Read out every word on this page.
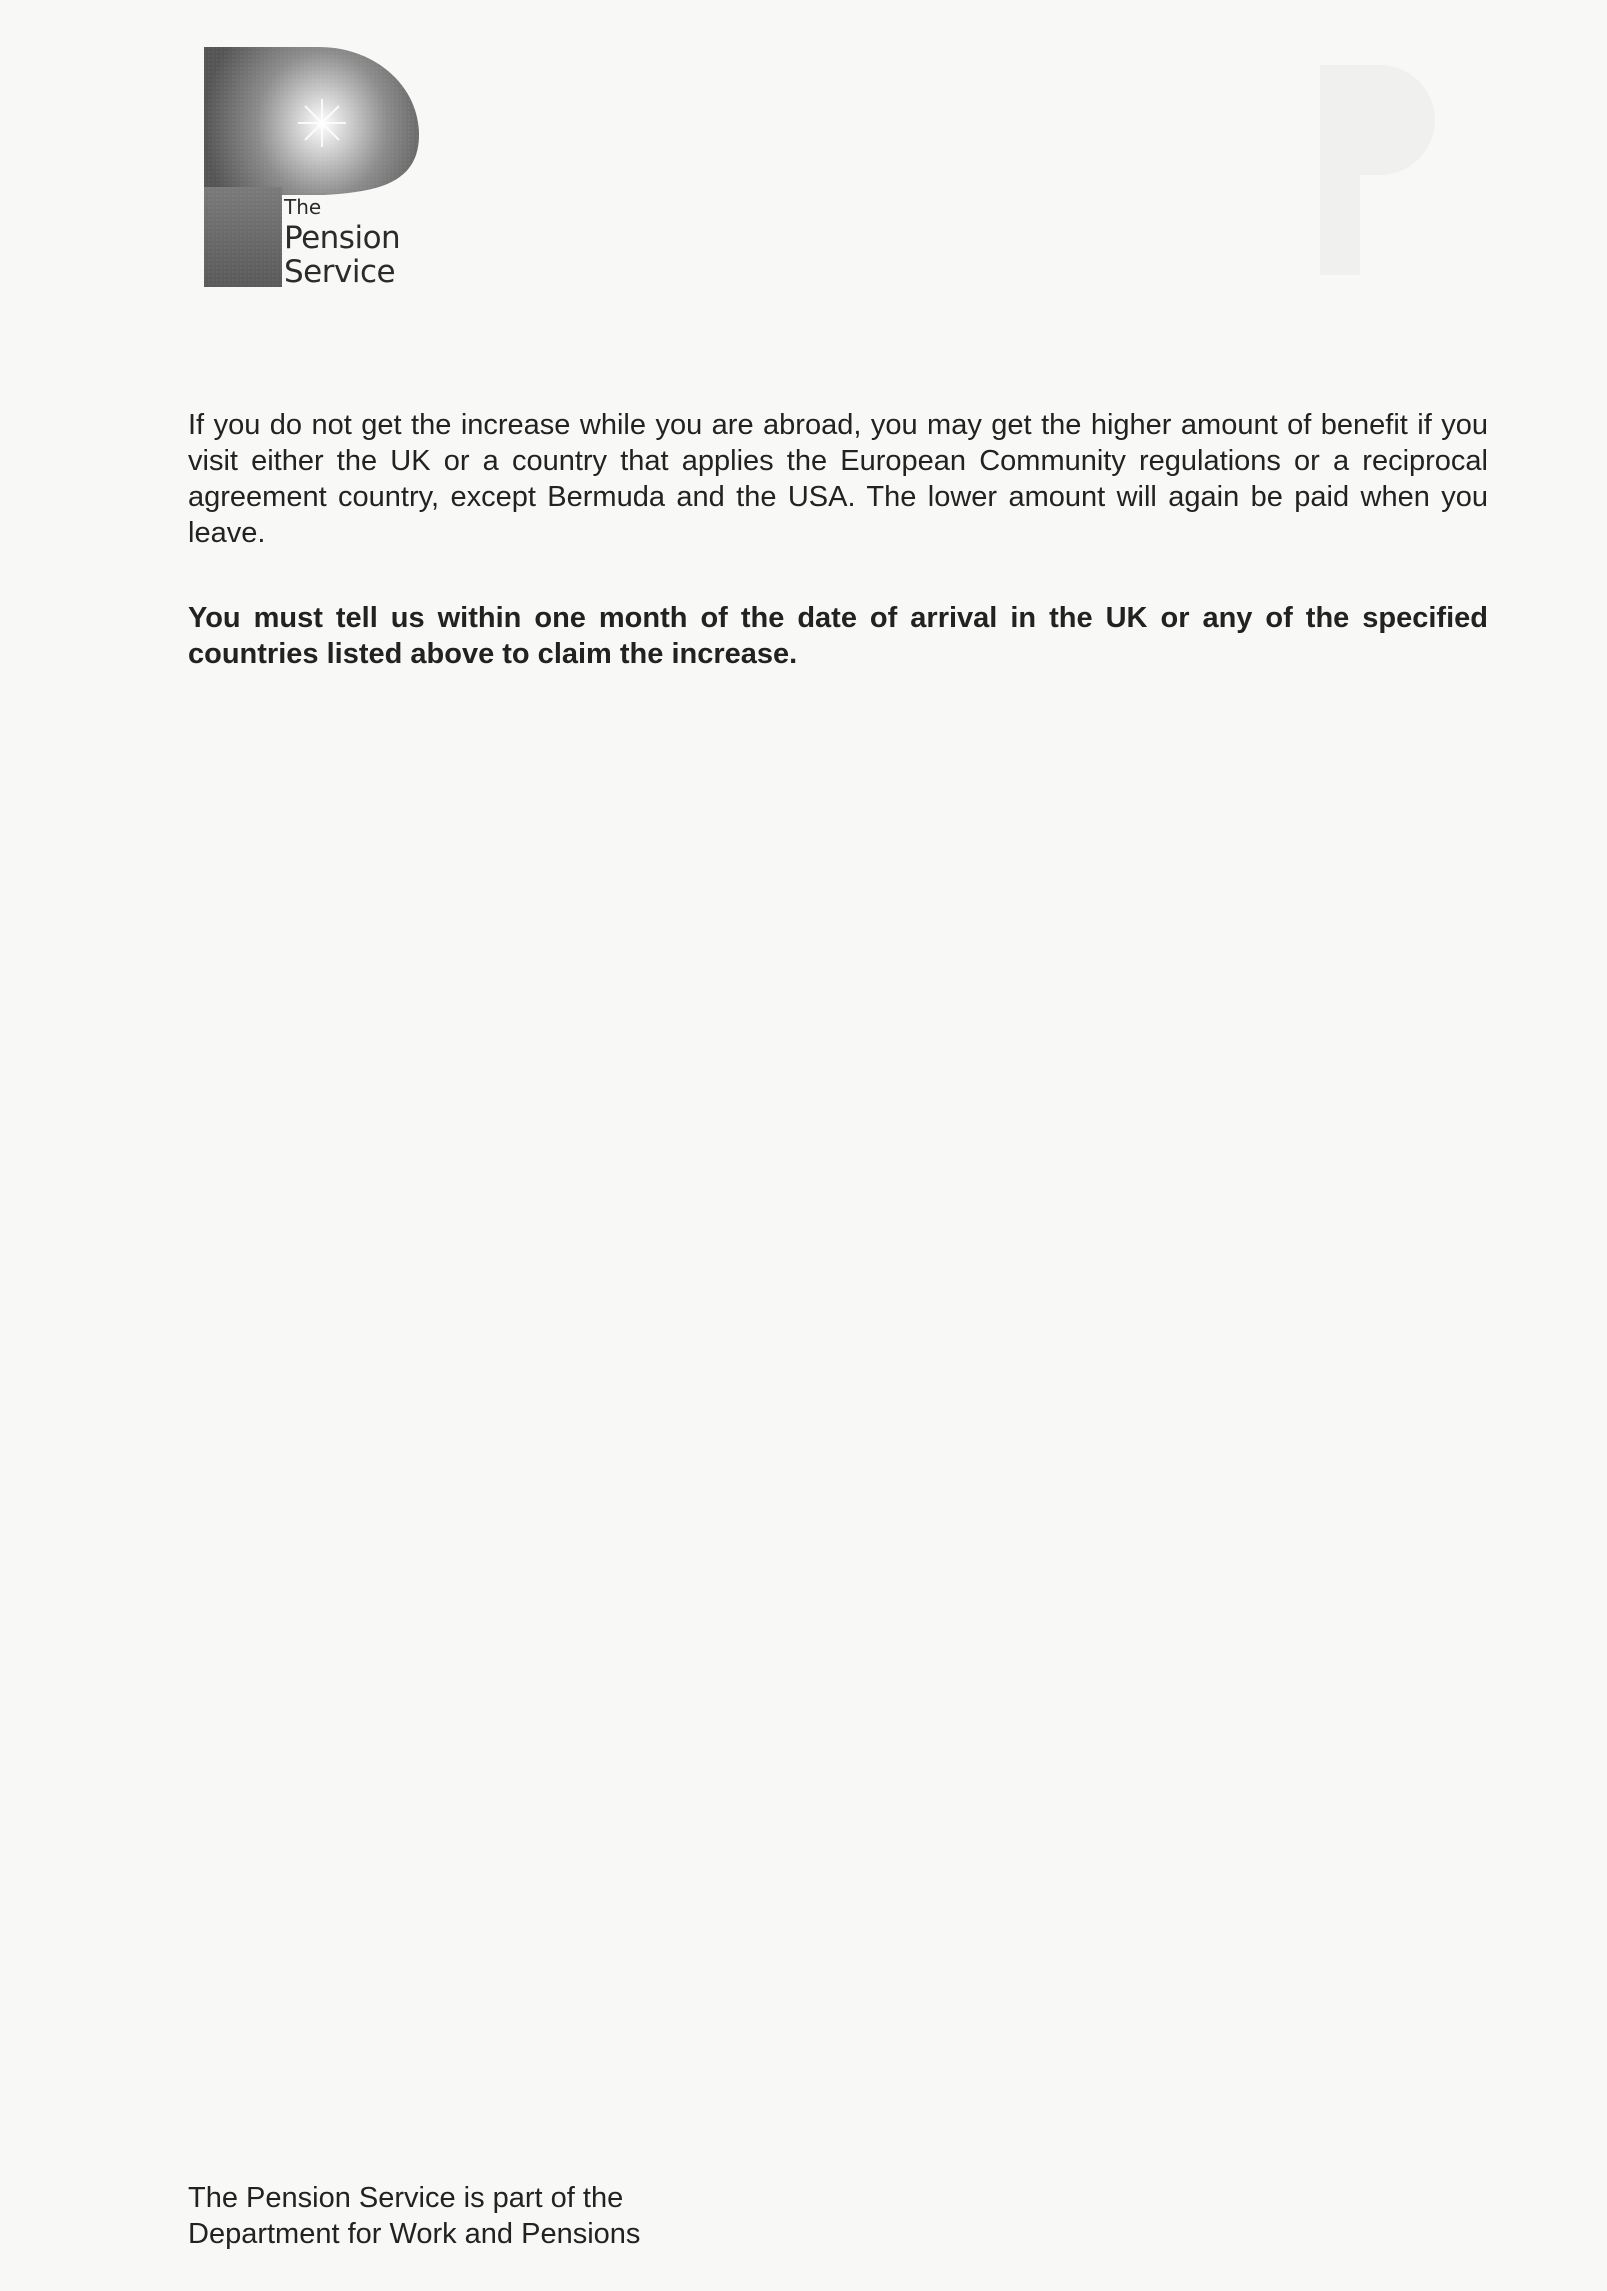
The
Pension
Service

If you do not get the increase while you are abroad, you may get the higher amount of benefit if you visit either the UK or a country that applies the European Community regulations or a reciprocal agreement country, except Bermuda and the USA. The lower amount will again be paid when you leave.

You must tell us within one month of the date of arrival in the UK or any of the specified countries listed above to claim the increase.

The Pension Service is part of the
Department for Work and Pensions
